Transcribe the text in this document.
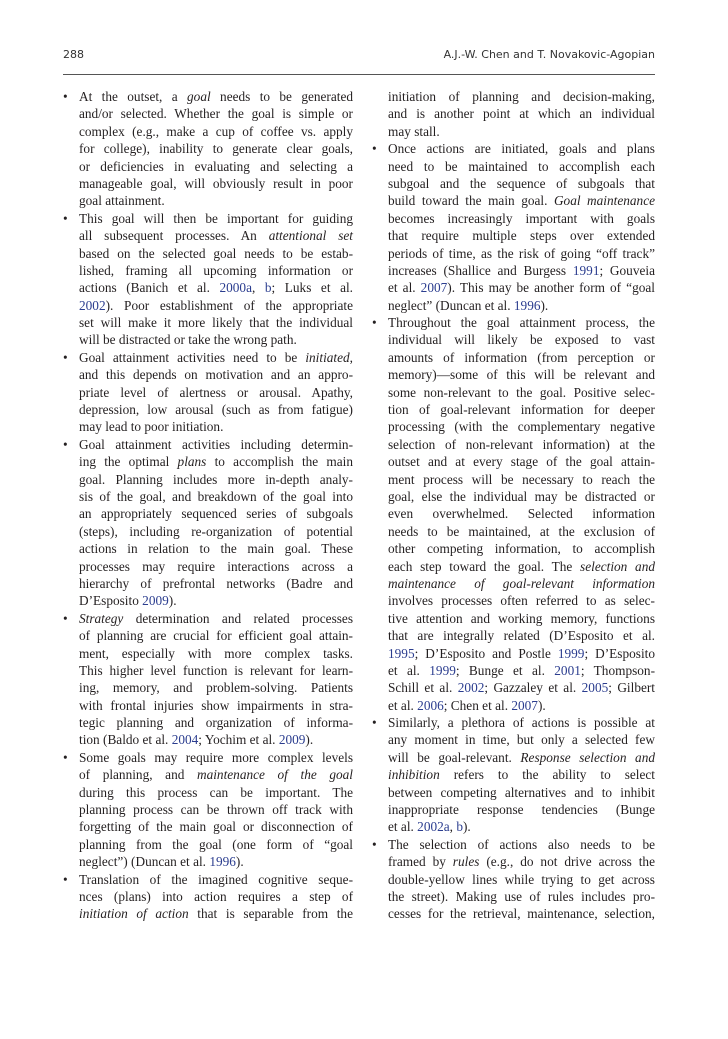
288	A.J.-W. Chen and T. Novakovic-Agopian
• At the outset, a goal needs to be generated
and/or selected. Whether the goal is simple or
complex (e.g., make a cup of coffee vs. apply
for college), inability to generate clear goals,
or deficiencies in evaluating and selecting a
manageable goal, will obviously result in poor
goal attainment.
• This goal will then be important for guiding
all subsequent processes. An attentional set
based on the selected goal needs to be estab-
lished, framing all upcoming information or
actions (Banich et al. 2000a, b; Luks et al.
2002). Poor establishment of the appropriate
set will make it more likely that the individual
will be distracted or take the wrong path.
• Goal attainment activities need to be initiated,
and this depends on motivation and an appro-
priate level of alertness or arousal. Apathy,
depression, low arousal (such as from fatigue)
may lead to poor initiation.
• Goal attainment activities including determin-
ing the optimal plans to accomplish the main
goal. Planning includes more in-depth analy-
sis of the goal, and breakdown of the goal into
an appropriately sequenced series of subgoals
(steps), including re-organization of potential
actions in relation to the main goal. These
processes may require interactions across a
hierarchy of prefrontal networks (Badre and
D’Esposito 2009).
• Strategy determination and related processes
of planning are crucial for efficient goal attain-
ment, especially with more complex tasks.
This higher level function is relevant for learn-
ing, memory, and problem-solving. Patients
with frontal injuries show impairments in stra-
tegic planning and organization of informa-
tion (Baldo et al. 2004; Yochim et al. 2009).
• Some goals may require more complex levels
of planning, and maintenance of the goal
during this process can be important. The
planning process can be thrown off track with
forgetting of the main goal or disconnection of
planning from the goal (one form of “goal
neglect”) (Duncan et al. 1996).
• Translation of the imagined cognitive seque-
nces (plans) into action requires a step of
initiation of action that is separable from the
initiation of planning and decision-making,
and is another point at which an individual
may stall.
• Once actions are initiated, goals and plans
need to be maintained to accomplish each
subgoal and the sequence of subgoals that
build toward the main goal. Goal maintenance
becomes increasingly important with goals
that require multiple steps over extended
periods of time, as the risk of going “off track”
increases (Shallice and Burgess 1991; Gouveia
et al. 2007). This may be another form of “goal
neglect” (Duncan et al. 1996).
• Throughout the goal attainment process, the
individual will likely be exposed to vast
amounts of information (from perception or
memory)—some of this will be relevant and
some non-relevant to the goal. Positive selec-
tion of goal-relevant information for deeper
processing (with the complementary negative
selection of non-relevant information) at the
outset and at every stage of the goal attain-
ment process will be necessary to reach the
goal, else the individual may be distracted or
even overwhelmed. Selected information
needs to be maintained, at the exclusion of
other competing information, to accomplish
each step toward the goal. The selection and
maintenance of goal-relevant information
involves processes often referred to as selec-
tive attention and working memory, functions
that are integrally related (D’Esposito et al.
1995; D’Esposito and Postle 1999; D’Esposito
et al. 1999; Bunge et al. 2001; Thompson-
Schill et al. 2002; Gazzaley et al. 2005; Gilbert
et al. 2006; Chen et al. 2007).
• Similarly, a plethora of actions is possible at
any moment in time, but only a selected few
will be goal-relevant. Response selection and
inhibition refers to the ability to select
between competing alternatives and to inhibit
inappropriate response tendencies (Bunge
et al. 2002a, b).
• The selection of actions also needs to be
framed by rules (e.g., do not drive across the
double-yellow lines while trying to get across
the street). Making use of rules includes pro-
cesses for the retrieval, maintenance, selection,
